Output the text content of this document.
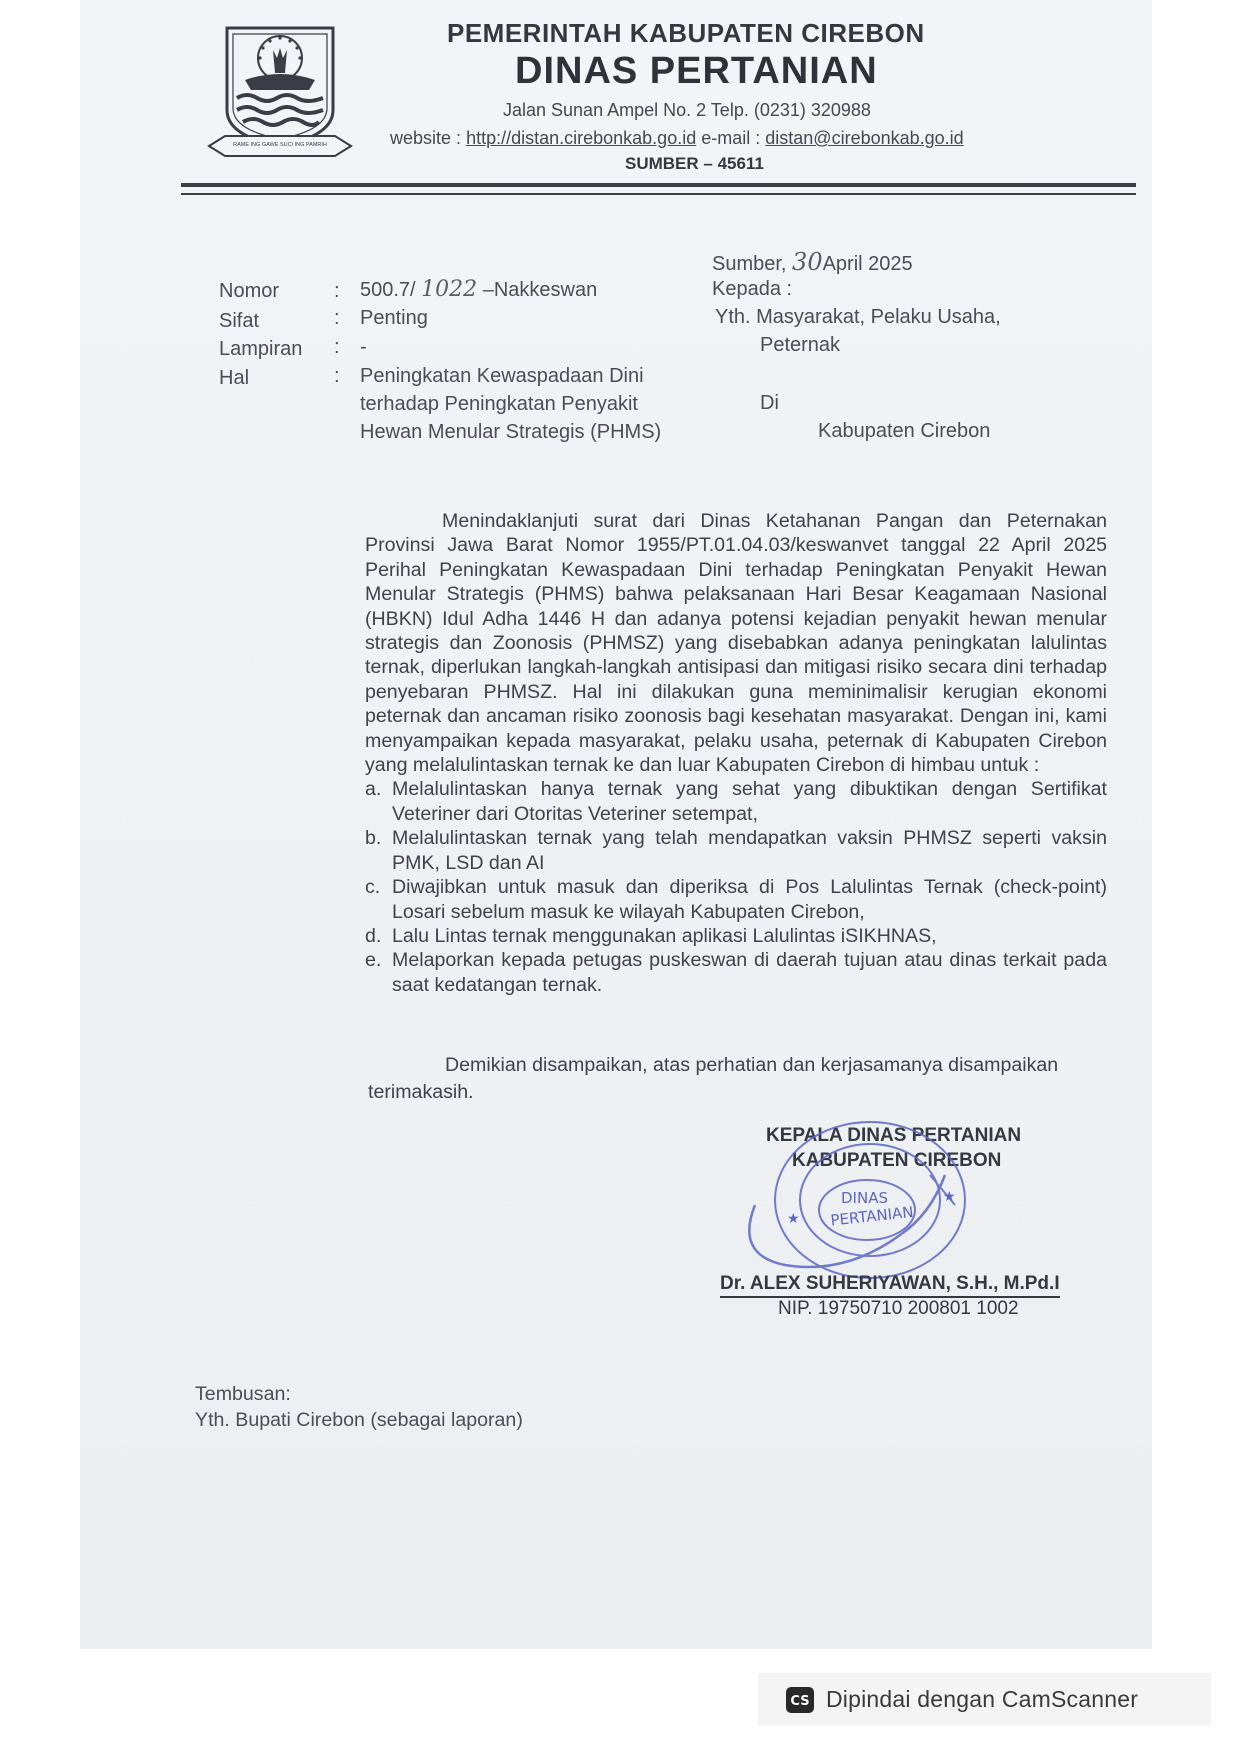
RAME ING GAWE SUCI ING PAMRIH
PEMERINTAH KABUPATEN CIREBON
DINAS PERTANIAN
Jalan Sunan Ampel No. 2 Telp. (0231) 320988
website : http://distan.cirebonkab.go.id e-mail : distan@cirebonkab.go.id
SUMBER – 45611
Nomor	: 500.7/ 1022 –Nakkeswan
Sifat	: Penting
Lampiran : -
Hal	: Peningkatan Kewaspadaan Dini
terhadap Peningkatan Penyakit
Hewan Menular Strategis (PHMS)
Sumber, 30April 2025
Kepada :
Yth. Masyarakat, Pelaku Usaha,
Peternak
Di
Kabupaten Cirebon

Menindaklanjuti surat dari Dinas Ketahanan Pangan dan Peternakan Provinsi Jawa Barat Nomor 1955/PT.01.04.03/keswanvet tanggal 22 April 2025 Perihal Peningkatan Kewaspadaan Dini terhadap Peningkatan Penyakit Hewan Menular Strategis (PHMS) bahwa pelaksanaan Hari Besar Keagamaan Nasional (HBKN) Idul Adha 1446 H dan adanya potensi kejadian penyakit hewan menular strategis dan Zoonosis (PHMSZ) yang disebabkan adanya peningkatan lalulintas ternak, diperlukan langkah-langkah antisipasi dan mitigasi risiko secara dini terhadap penyebaran PHMSZ. Hal ini dilakukan guna meminimalisir kerugian ekonomi peternak dan ancaman risiko zoonosis bagi kesehatan masyarakat. Dengan ini, kami menyampaikan kepada masyarakat, pelaku usaha, peternak di Kabupaten Cirebon yang melalulintaskan ternak ke dan luar Kabupaten Cirebon di himbau untuk :

a. Melalulintaskan hanya ternak yang sehat yang dibuktikan dengan Sertifikat Veteriner dari Otoritas Veteriner setempat,
b. Melalulintaskan ternak yang telah mendapatkan vaksin PHMSZ seperti vaksin PMK, LSD dan AI
c. Diwajibkan untuk masuk dan diperiksa di Pos Lalulintas Ternak (check-point) Losari sebelum masuk ke wilayah Kabupaten Cirebon,
d. Lalu Lintas ternak menggunakan aplikasi Lalulintas iSIKHNAS,
e. Melaporkan kepada petugas puskeswan di daerah tujuan atau dinas terkait pada saat kedatangan ternak.
Demikian disampaikan, atas perhatian dan kerjasamanya disampaikan
terimakasih.
KEPALA DINAS PERTANIAN
KABUPATEN CIREBON
DINAS
PERTANIAN
★
★
Dr. ALEX SUHERIYAWAN, S.H., M.Pd.I
NIP. 19750710 200801 1002
Tembusan:
Yth. Bupati Cirebon (sebagai laporan)
CS Dipindai dengan CamScanner
